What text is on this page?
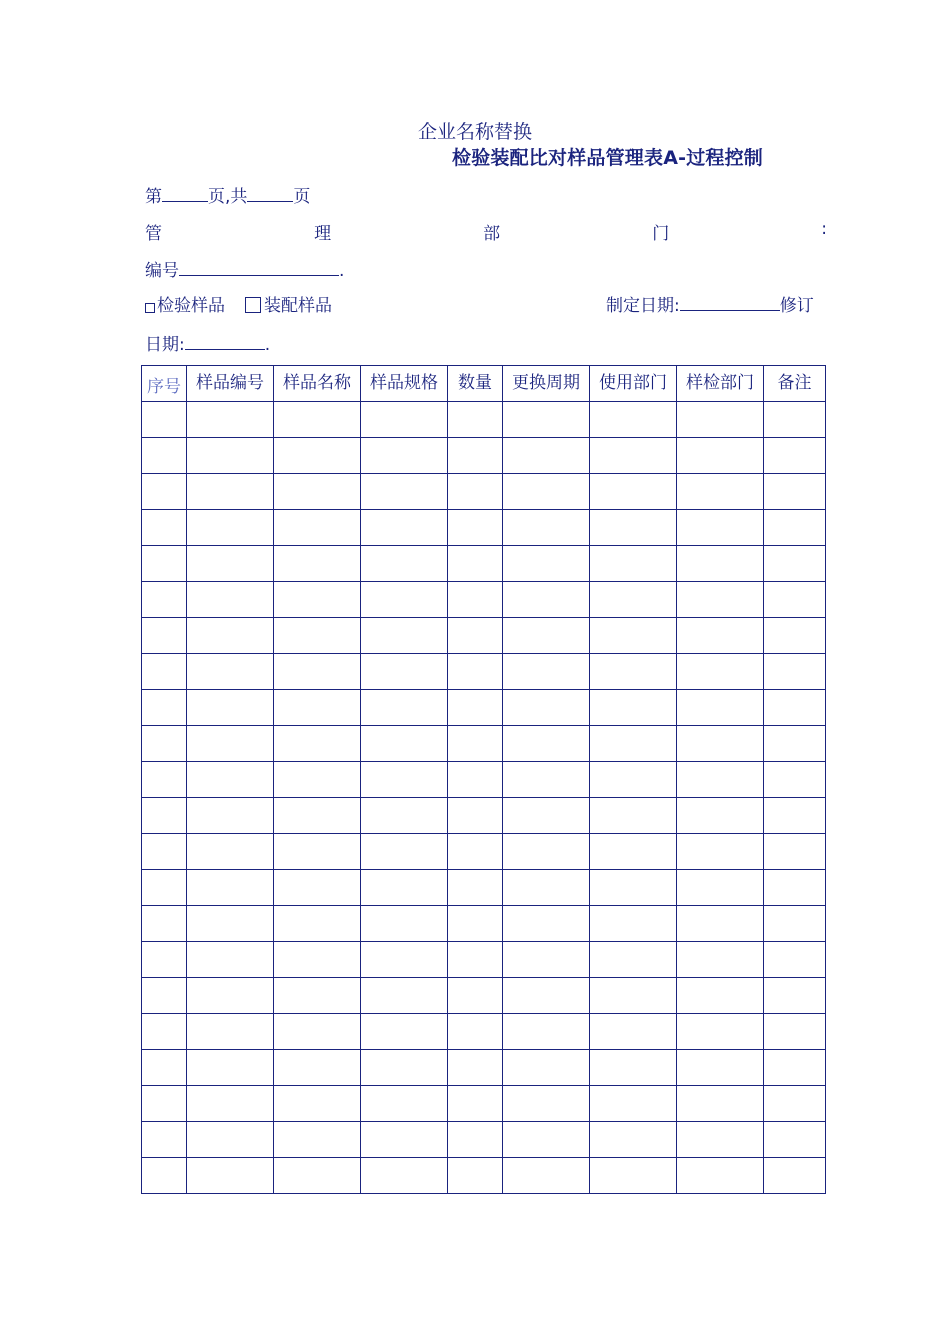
企业名称替换
检验装配比对样品管理表A-过程控制
第	页,共	页
管	理	部	门	:
编号	.
检验样品 装配样品	制定日期:	修订
日期:	.
序号	样品编号	样品名称	样品规格	数量	更换周期	使用部门	样检部门	备注
